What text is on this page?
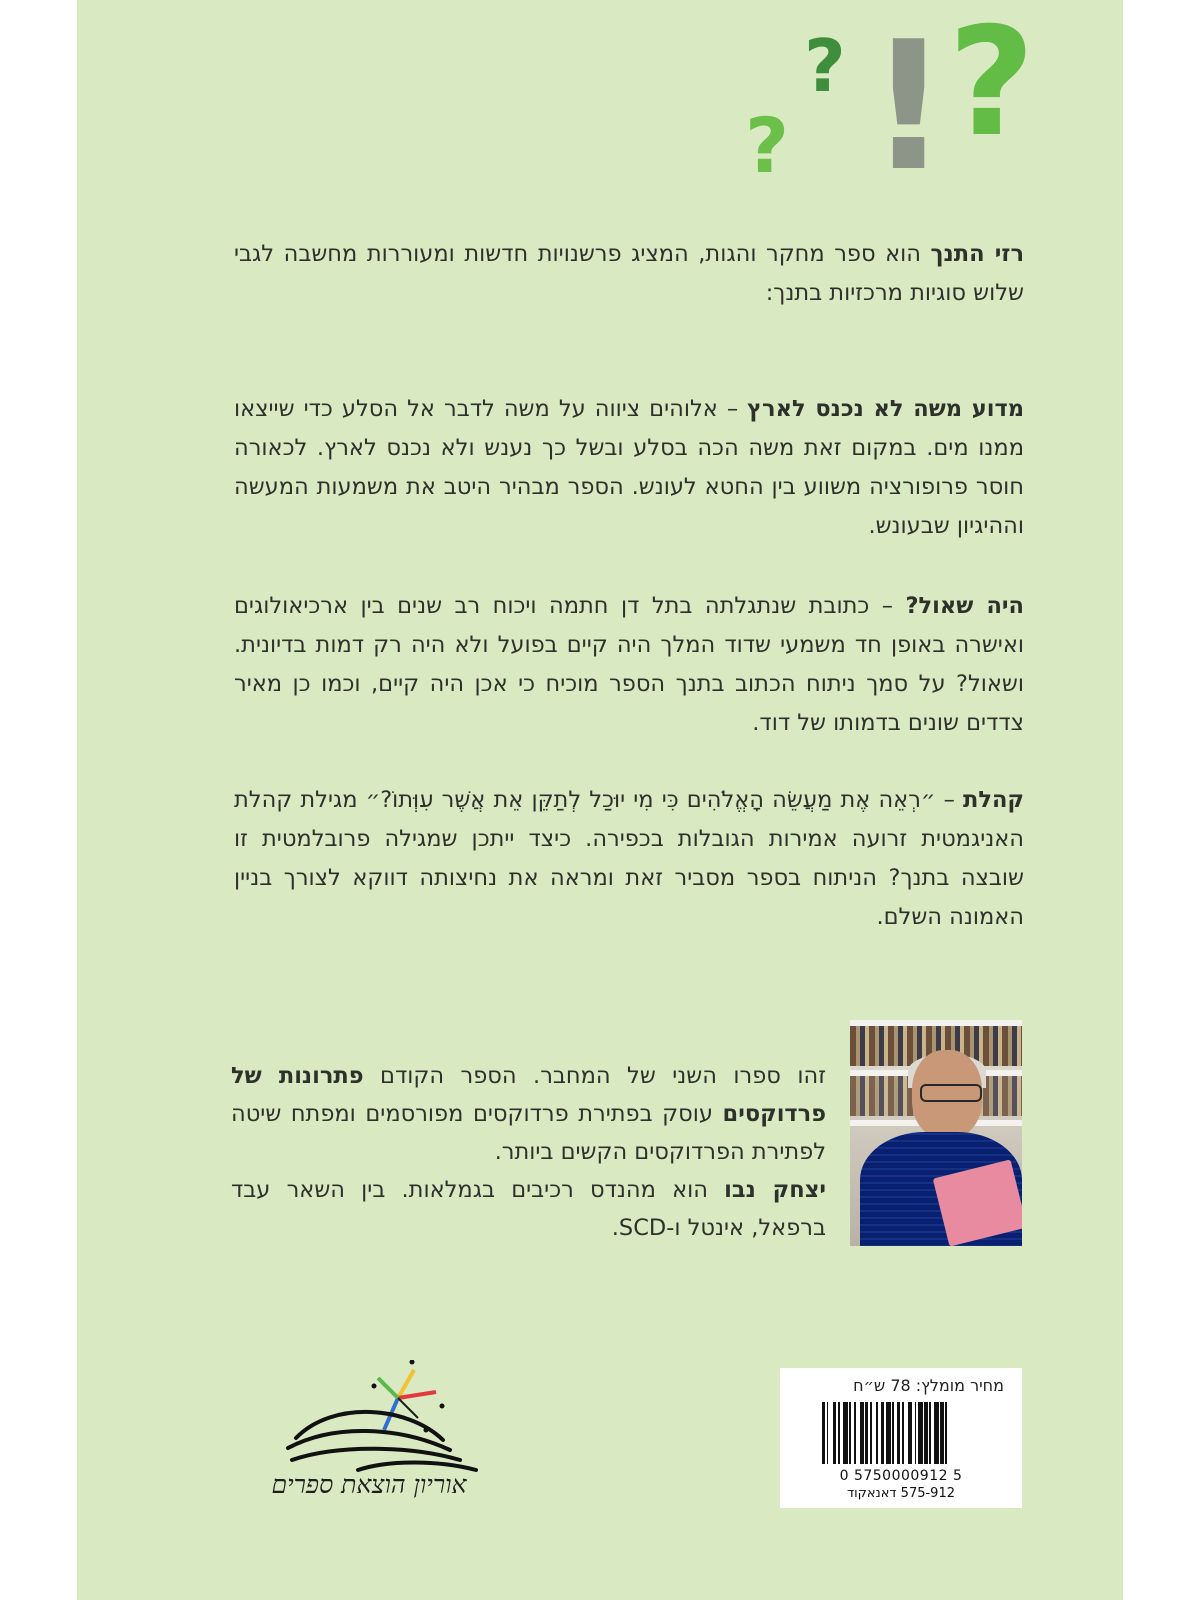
?
? !
?
רזי התנך הוא ספר מחקר והגות, המציג פרשנויות חדשות ומעוררות מחשבה לגבי שלוש סוגיות מרכזיות בתנך:
מדוע משה לא נכנס לארץ – אלוהים ציווה על משה לדבר אל הסלע כדי שייצאו ממנו מים. במקום זאת משה הכה בסלע ובשל כך נענש ולא נכנס לארץ. לכאורה חוסר פרופורציה משווע בין החטא לעונש. הספר מבהיר היטב את משמעות המעשה וההיגיון שבעונש.
היה שאול? – כתובת שנתגלתה בתל דן חתמה ויכוח רב שנים בין ארכיאולוגים ואישרה באופן חד משמעי שדוד המלך היה קיים בפועל ולא היה רק דמות בדיונית. ושאול? על סמך ניתוח הכתוב בתנך הספר מוכיח כי אכן היה קיים, וכמו כן מאיר צדדים שונים בדמותו של דוד.
קהלת – ״רְאֵה אֶת מַעֲשֵׂה הָאֱלֹהִים כִּי מִי יוּכַל לְתַקֵּן אֵת אֲשֶׁר עִוְּתוֹ?״ מגילת קהלת האניגמטית זרועה אמירות הגובלות בכפירה. כיצד ייתכן שמגילה פרובלמטית זו שובצה בתנך? הניתוח בספר מסביר זאת ומראה את נחיצותה דווקא לצורך בניין האמונה השלם.
זהו ספרו השני של המחבר. הספר הקודם פתרונות של פרדוקסים עוסק בפתירת פרדוקסים מפורסמים ומפתח שיטה לפתירת הפרדוקסים הקשים ביותר.
יצחק נבו הוא מהנדס רכיבים בגמלאות. בין השאר עבד ברפאל, אינטל ו-SCD.
אוריון הוצאת ספרים
מחיר מומלץ: 78 ש״ח
0 5750000912 5
575-912 דאנאקוד
